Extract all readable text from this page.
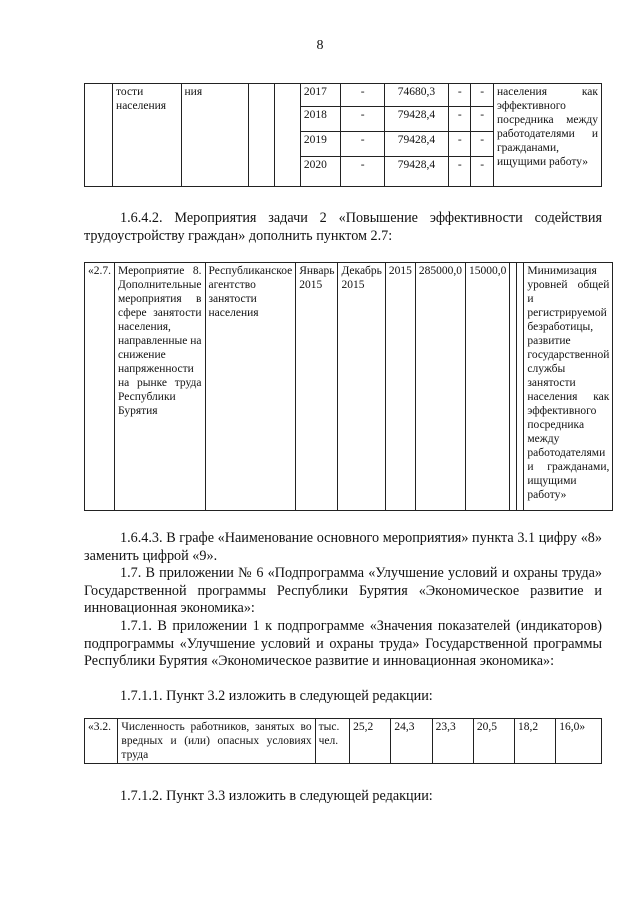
8
	тости населения	ния			2017	-	74680,3	-	-	населения как эффективного посредника между работодателями и гражданами, ищущими работу»
					2018	-	79428,4	-	-	
					2019	-	79428,4	-	-	
					2020	-	79428,4	-	-	
1.6.4.2. Мероприятия задачи 2 «Повышение эффективности содействия трудоустройству граждан» дополнить пунктом 2.7:
«2.7.	Мероприятие 8. Дополнительные мероприятия в сфере занятости населения, направленные на снижение напряженности на рынке труда Республики Бурятия	Республиканское агентство занятости населения	Январь 2015	Декабрь 2015	2015	285000,0	15000,0			Минимизация уровней общей и регистрируемой безработицы, развитие государственной службы занятости населения как эффективного посредника между работодателями и гражданами, ищущими работу»
1.6.4.3. В графе «Наименование основного мероприятия» пункта 3.1 цифру «8» заменить цифрой «9».
1.7. В приложении № 6 «Подпрограмма «Улучшение условий и охраны труда» Государственной программы Республики Бурятия «Экономическое развитие и инновационная экономика»:
1.7.1. В приложении 1 к подпрограмме «Значения показателей (индикаторов) подпрограммы «Улучшение условий и охраны труда» Государственной программы Республики Бурятия «Экономическое развитие и инновационная экономика»:
1.7.1.1. Пункт 3.2 изложить в следующей редакции:
«3.2.	Численность работников, занятых во вредных и (или) опасных условиях труда	тыс. чел.	25,2	24,3	23,3	20,5	18,2	16,0»
1.7.1.2. Пункт 3.3 изложить в следующей редакции:
